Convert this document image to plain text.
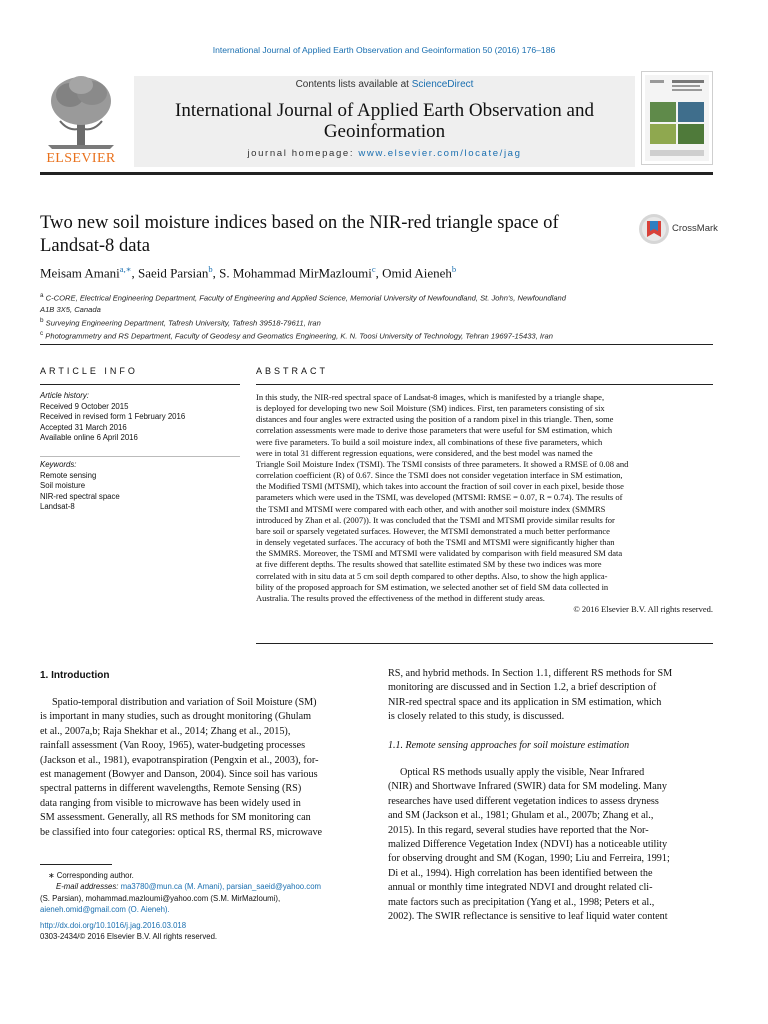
International Journal of Applied Earth Observation and Geoinformation 50 (2016) 176–186
ELSEVIER
Contents lists available at ScienceDirect
International Journal of Applied Earth Observation and
Geoinformation
journal homepage: www.elsevier.com/locate/jag
Two new soil moisture indices based on the NIR-red triangle space of
Landsat-8 data
CrossMark
Meisam Amani$^{a,∗}$, Saeid Parsian$^b$, S. Mohammad MirMazloumi$^c$, Omid Aieneh$^b$
$^a$ C-CORE, Electrical Engineering Department, Faculty of Engineering and Applied Science, Memorial University of Newfoundland, St. John's, Newfoundland
A1B 3X5, Canada
$^b$ Surveying Engineering Department, Tafresh University, Tafresh 39518-79611, Iran
$^c$ Photogrammetry and RS Department, Faculty of Geodesy and Geomatics Engineering, K. N. Toosi University of Technology, Tehran 19697-15433, Iran
ARTICLE INFO	ABSTRACT
Article history:
Received 9 October 2015
Received in revised form 1 February 2016
Accepted 31 March 2016
Available online 6 April 2016
Keywords:
Remote sensing
Soil moisture
NIR-red spectral space
Landsat-8
In this study, the NIR-red spectral space of Landsat-8 images, which is manifested by a triangle shape,
is deployed for developing two new Soil Moisture (SM) indices. First, ten parameters consisting of six
distances and four angles were extracted using the position of a random pixel in this triangle. Then, some
correlation assessments were made to derive those parameters that were useful for SM estimation, which
were five parameters. To build a soil moisture index, all combinations of these five parameters, which
were in total 31 different regression equations, were considered, and the best model was named the
Triangle Soil Moisture Index (TSMI). The TSMI consists of three parameters. It showed a RMSE of 0.08 and
correlation coefficient (R) of 0.67. Since the TSMI does not consider vegetation interface in SM estimation,
the Modified TSMI (MTSMI), which takes into account the fraction of soil cover in each pixel, beside those
parameters which were used in the TSMI, was developed (MTSMI: RMSE = 0.07, R = 0.74). The results of
the TSMI and MTSMI were compared with each other, and with another soil moisture index (SMMRS
introduced by Zhan et al. (2007)). It was concluded that the TSMI and MTSMI provide similar results for
bare soil or sparsely vegetated surfaces. However, the MTSMI demonstrated a much better performance
in densely vegetated surfaces. The accuracy of both the TSMI and MTSMI were significantly higher than
the SMMRS. Moreover, the TSMI and MTSMI were validated by comparison with field measured SM data
at five different depths. The results showed that satellite estimated SM by these two indices was more
correlated with in situ data at 5 cm soil depth compared to other depths. Also, to show the high applica-
bility of the proposed approach for SM estimation, we selected another set of field SM data collected in
Australia. The results proved the effectiveness of the method in different study areas.
© 2016 Elsevier B.V. All rights reserved.
1. Introduction
Spatio-temporal distribution and variation of Soil Moisture (SM)
is important in many studies, such as drought monitoring (Ghulam
et al., 2007a,b; Raja Shekhar et al., 2014; Zhang et al., 2015),
rainfall assessment (Van Rooy, 1965), water-budgeting processes
(Jackson et al., 1981), evapotranspiration (Pengxin et al., 2003), for-
est management (Bowyer and Danson, 2004). Since soil has various
spectral patterns in different wavelengths, Remote Sensing (RS)
data ranging from visible to microwave has been widely used in
SM assessment. Generally, all RS methods for SM monitoring can
be classified into four categories: optical RS, thermal RS, microwave
∗ Corresponding author.
E-mail addresses: ma3780@mun.ca (M. Amani), parsian_saeid@yahoo.com
(S. Parsian), mohammad.mazloumi@yahoo.com (S.M. MirMazloumi),
aieneh.omid@gmail.com (O. Aieneh).
http://dx.doi.org/10.1016/j.jag.2016.03.018
0303-2434/© 2016 Elsevier B.V. All rights reserved.
RS, and hybrid methods. In Section 1.1, different RS methods for SM
monitoring are discussed and in Section 1.2, a brief description of
NIR-red spectral space and its application in SM estimation, which
is closely related to this study, is discussed.
1.1. Remote sensing approaches for soil moisture estimation
Optical RS methods usually apply the visible, Near Infrared
(NIR) and Shortwave Infrared (SWIR) data for SM modeling. Many
researches have used different vegetation indices to assess dryness
and SM (Jackson et al., 1981; Ghulam et al., 2007b; Zhang et al.,
2015). In this regard, several studies have reported that the Nor-
malized Difference Vegetation Index (NDVI) has a noticeable utility
for observing drought and SM (Kogan, 1990; Liu and Ferreira, 1991;
Di et al., 1994). High correlation has been identified between the
annual or monthly time integrated NDVI and drought related cli-
mate factors such as precipitation (Yang et al., 1998; Peters et al.,
2002). The SWIR reflectance is sensitive to leaf liquid water content
